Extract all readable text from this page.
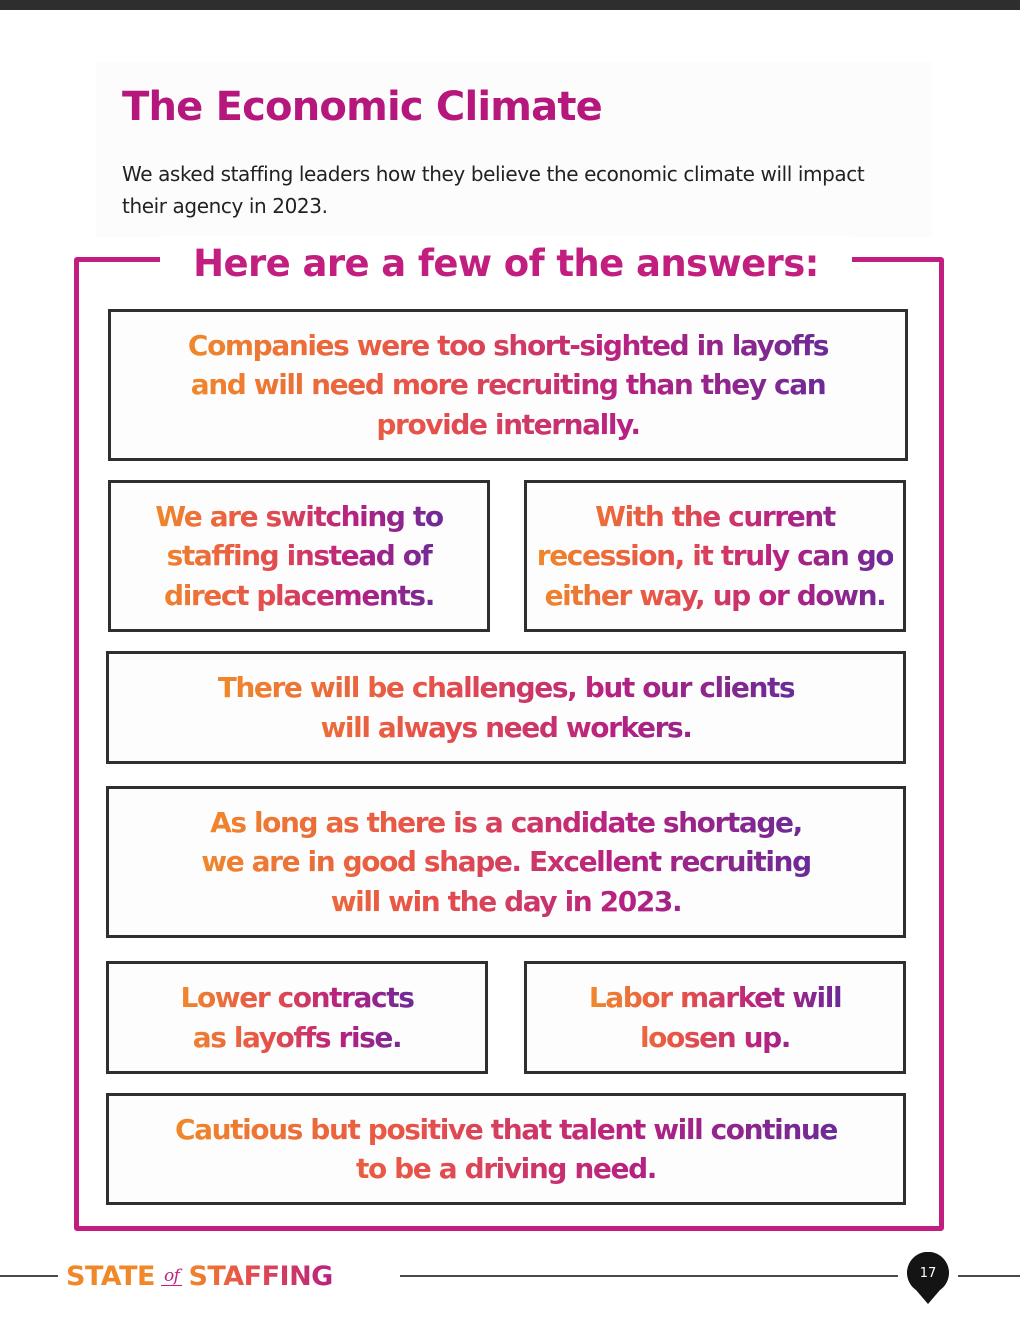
The Economic Climate

We asked staffing leaders how they believe the economic climate will impact their agency in 2023.

Here are a few of the answers:
Companies were too short-sighted in layoffs
and will need more recruiting than they can
provide internally.
We are switching to
staffing instead of
direct placements.
With the current
recession, it truly can go
either way, up or down.
There will be challenges, but our clients
will always need workers.
As long as there is a candidate shortage,
we are in good shape. Excellent recruiting
will win the day in 2023.
Lower contracts
as layoffs rise.
Labor market will
loosen up.
Cautious but positive that talent will continue
to be a driving need.
STATE of STAFFING	17
